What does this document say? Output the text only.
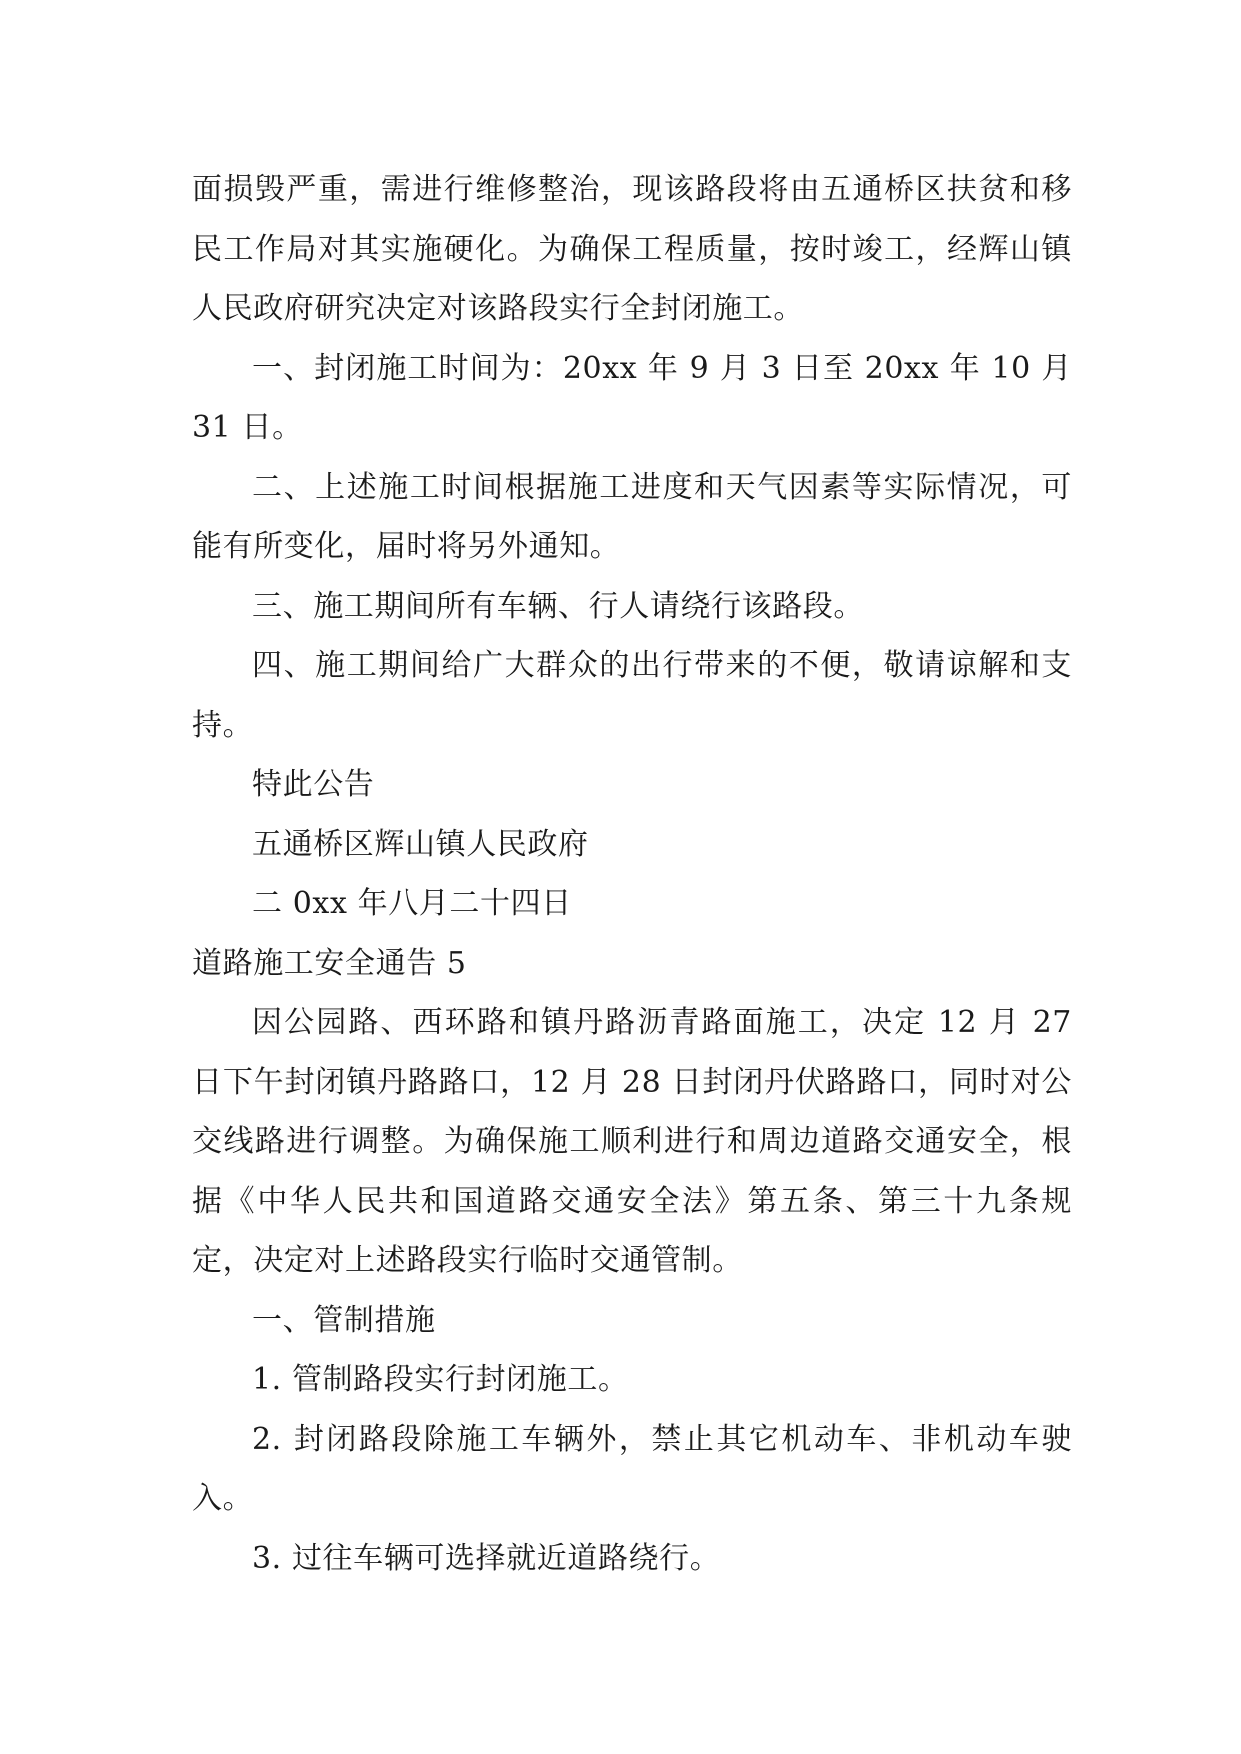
面损毁严重，需进行维修整治，现该路段将由五通桥区扶贫和移民工作局对其实施硬化。为确保工程质量，按时竣工，经辉山镇人民政府研究决定对该路段实行全封闭施工。

一、封闭施工时间为：20xx 年 9 月 3 日至 20xx 年 10 月 31 日。

二、上述施工时间根据施工进度和天气因素等实际情况，可能有所变化，届时将另外通知。

三、施工期间所有车辆、行人请绕行该路段。

四、施工期间给广大群众的出行带来的不便，敬请谅解和支持。

特此公告

五通桥区辉山镇人民政府

二 0xx 年八月二十四日

道路施工安全通告 5

因公园路、西环路和镇丹路沥青路面施工，决定 12 月 27 日下午封闭镇丹路路口，12 月 28 日封闭丹伏路路口，同时对公交线路进行调整。为确保施工顺利进行和周边道路交通安全，根据《中华人民共和国道路交通安全法》第五条、第三十九条规定，决定对上述路段实行临时交通管制。

一、管制措施

1. 管制路段实行封闭施工。

2. 封闭路段除施工车辆外，禁止其它机动车、非机动车驶入。

3. 过往车辆可选择就近道路绕行。
